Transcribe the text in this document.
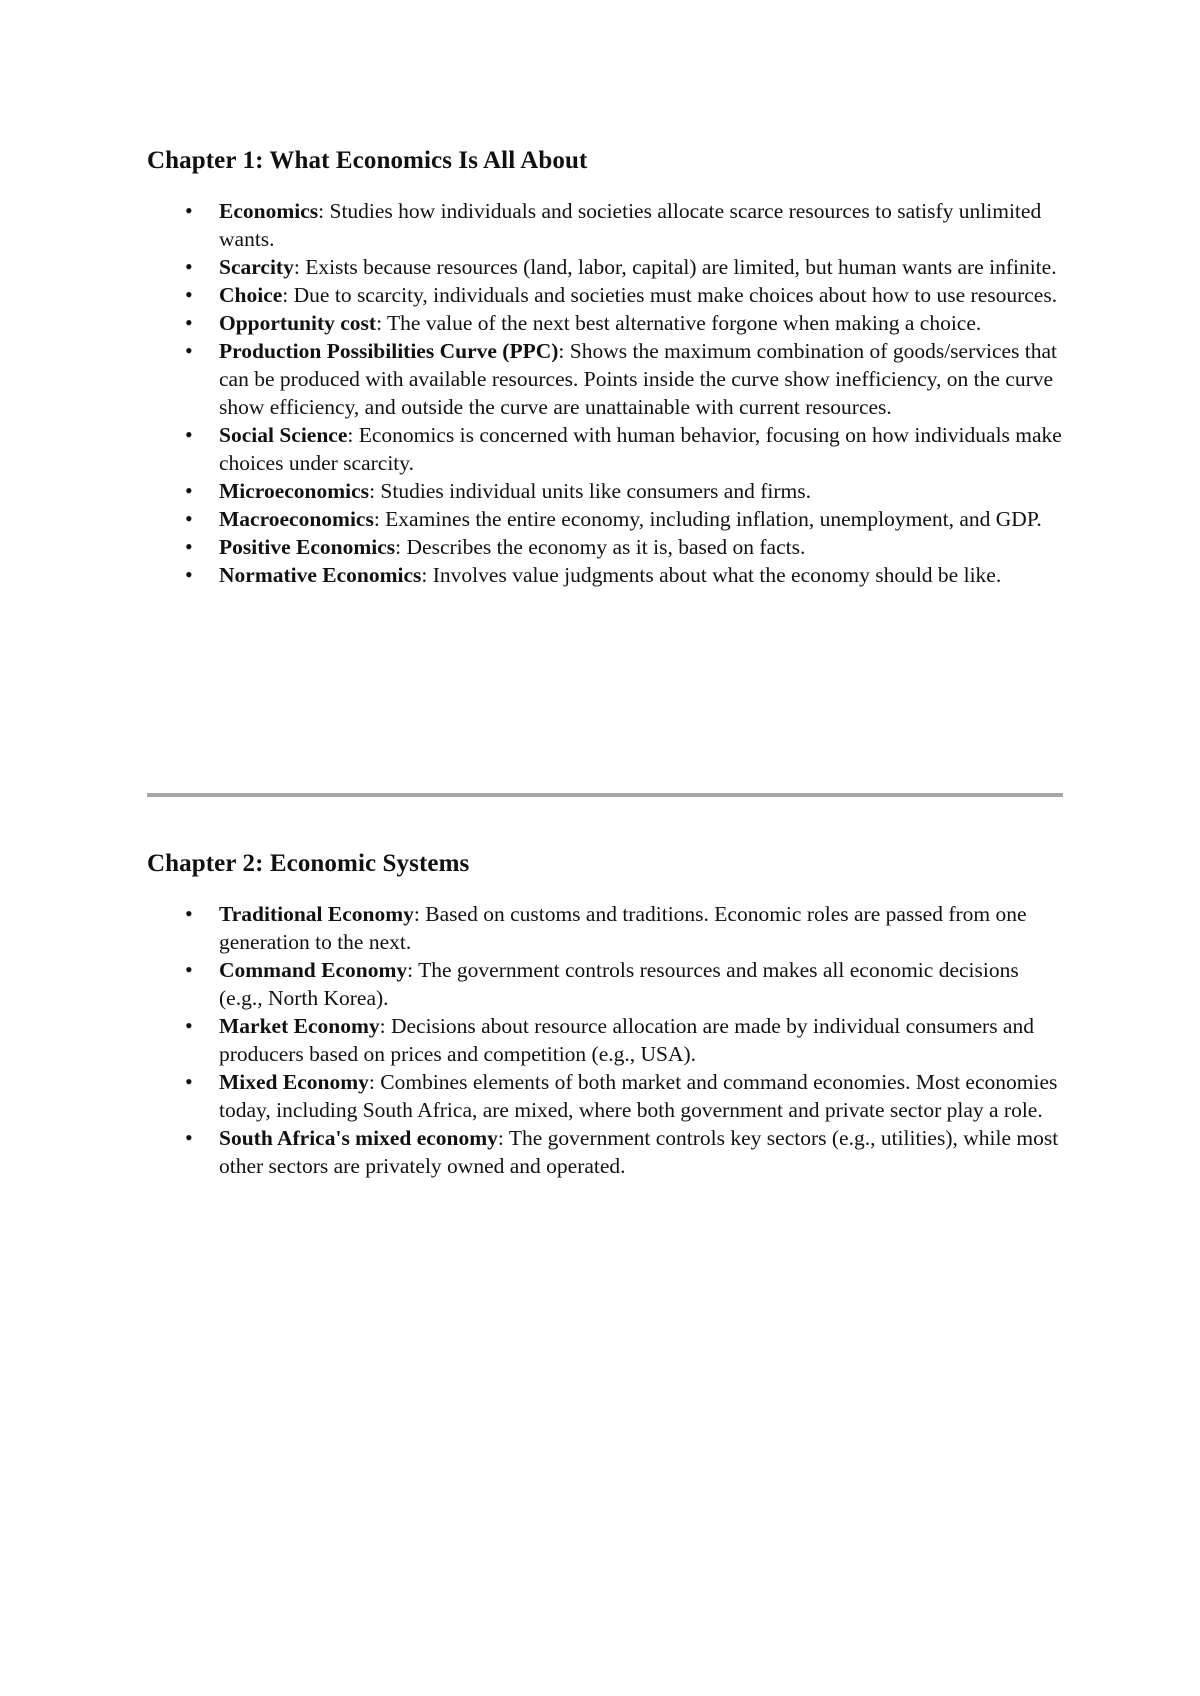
Chapter 1: What Economics Is All About
• Economics: Studies how individuals and societies allocate scarce resources to satisfy unlimited wants.
• Scarcity: Exists because resources (land, labor, capital) are limited, but human wants are infinite.
• Choice: Due to scarcity, individuals and societies must make choices about how to use resources.
• Opportunity cost: The value of the next best alternative forgone when making a choice.
• Production Possibilities Curve (PPC): Shows the maximum combination of goods/services that can be produced with available resources. Points inside the curve show inefficiency, on the curve show efficiency, and outside the curve are unattainable with current resources.
• Social Science: Economics is concerned with human behavior, focusing on how individuals make choices under scarcity.
• Microeconomics: Studies individual units like consumers and firms.
• Macroeconomics: Examines the entire economy, including inflation, unemployment, and GDP.
• Positive Economics: Describes the economy as it is, based on facts.
• Normative Economics: Involves value judgments about what the economy should be like.
Chapter 2: Economic Systems
• Traditional Economy: Based on customs and traditions. Economic roles are passed from one generation to the next.
• Command Economy: The government controls resources and makes all economic decisions (e.g., North Korea).
• Market Economy: Decisions about resource allocation are made by individual consumers and producers based on prices and competition (e.g., USA).
• Mixed Economy: Combines elements of both market and command economies. Most economies today, including South Africa, are mixed, where both government and private sector play a role.
• South Africa's mixed economy: The government controls key sectors (e.g., utilities), while most other sectors are privately owned and operated.
